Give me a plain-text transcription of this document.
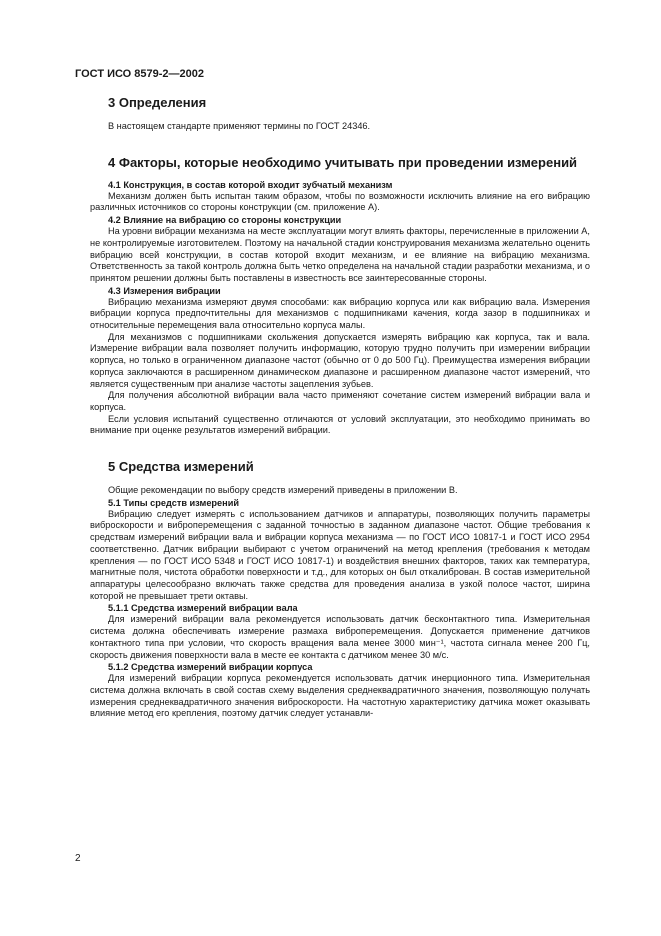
ГОСТ ИСО 8579-2—2002
3 Определения

В настоящем стандарте применяют термины по ГОСТ 24346.

4 Факторы, которые необходимо учитывать при проведении измерений
4.1 Конструкция, в состав которой входит зубчатый механизм

Механизм должен быть испытан таким образом, чтобы по возможности исключить влияние на его вибрацию различных источников со стороны конструкции (см. приложение А).

4.2 Влияние на вибрацию со стороны конструкции

На уровни вибрации механизма на месте эксплуатации могут влиять факторы, перечисленные в приложении А, не контролируемые изготовителем. Поэтому на начальной стадии конструирования механизма желательно оценить вибрацию всей конструкции, в состав которой входит механизм, и ее влияние на вибрацию механизма. Ответственность за такой контроль должна быть четко определена на начальной стадии разработки механизма, и о принятом решении должны быть поставлены в известность все заинтересованные стороны.

4.3 Измерения вибрации

Вибрацию механизма измеряют двумя способами: как вибрацию корпуса или как вибрацию вала. Измерения вибрации корпуса предпочтительны для механизмов с подшипниками качения, когда зазор в подшипниках и относительные перемещения вала относительно корпуса малы.

Для механизмов с подшипниками скольжения допускается измерять вибрацию как корпуса, так и вала. Измерение вибрации вала позволяет получить информацию, которую трудно получить при измерении вибрации корпуса, но только в ограниченном диапазоне частот (обычно от 0 до 500 Гц). Преимущества измерения вибрации корпуса заключаются в расширенном динамическом диапазоне и расширенном диапазоне частот измерений, что является существенным при анализе частоты зацепления зубьев.

Для получения абсолютной вибрации вала часто применяют сочетание систем измерений вибрации вала и корпуса.

Если условия испытаний существенно отличаются от условий эксплуатации, это необходимо принимать во внимание при оценке результатов измерений вибрации.

5 Средства измерений

Общие рекомендации по выбору средств измерений приведены в приложении В.

5.1 Типы средств измерений

Вибрацию следует измерять с использованием датчиков и аппаратуры, позволяющих получить параметры виброскорости и виброперемещения с заданной точностью в заданном диапазоне частот. Общие требования к средствам измерений вибрации вала и вибрации корпуса механизма — по ГОСТ ИСО 10817-1 и ГОСТ ИСО 2954 соответственно. Датчик вибрации выбирают с учетом ограничений на метод крепления (требования к методам крепления — по ГОСТ ИСО 5348 и ГОСТ ИСО 10817-1) и воздействия внешних факторов, таких как температура, магнитные поля, чистота обработки поверхности и т.д., для которых он был откалиброван. В состав измерительной аппаратуры целесообразно включать также средства для проведения анализа в узкой полосе частот, ширина которой не превышает трети октавы.

5.1.1 Средства измерений вибрации вала

Для измерений вибрации вала рекомендуется использовать датчик бесконтактного типа. Измерительная система должна обеспечивать измерение размаха виброперемещения. Допускается применение датчиков контактного типа при условии, что скорость вращения вала менее 3000 мин⁻¹, частота сигнала менее 200 Гц, скорость движения поверхности вала в месте ее контакта с датчиком менее 30 м/с.

5.1.2 Средства измерений вибрации корпуса

Для измерений вибрации корпуса рекомендуется использовать датчик инерционного типа. Измерительная система должна включать в свой состав схему выделения среднеквадратичного значения, позволяющую получать измерения среднеквадратичного значения виброскорости. На частотную характеристику датчика может оказывать влияние метод его крепления, поэтому датчик следует устанавли-

2
